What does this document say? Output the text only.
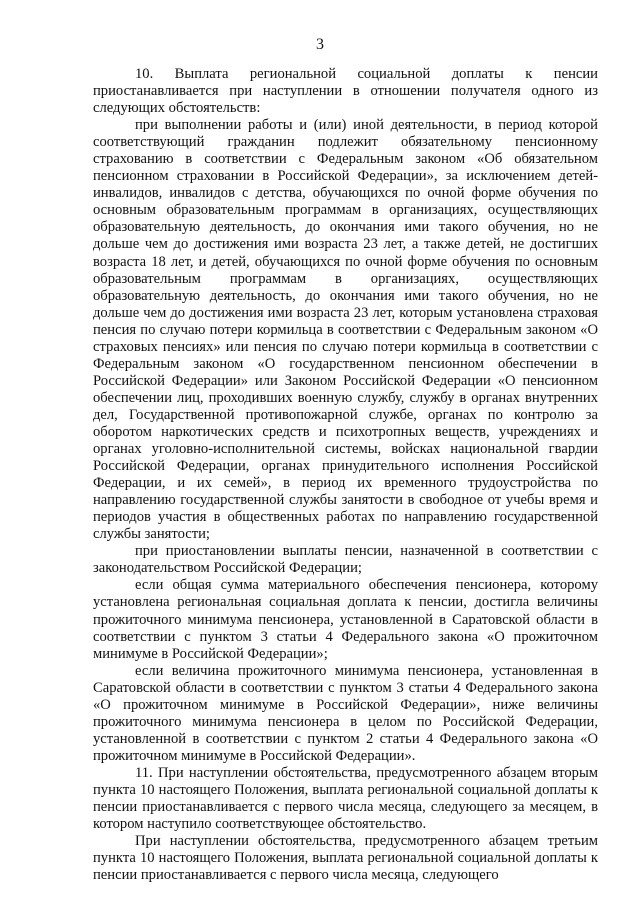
3

10. Выплата региональной социальной доплаты к пенсии приостанавливается при наступлении в отношении получателя одного из следующих обстоятельств:

при выполнении работы и (или) иной деятельности, в период которой соответствующий гражданин подлежит обязательному пенсионному страхованию в соответствии с Федеральным законом «Об обязательном пенсионном страховании в Российской Федерации», за исключением детей-инвалидов, инвалидов с детства, обучающихся по очной форме обучения по основным образовательным программам в организациях, осуществляющих образовательную деятельность, до окончания ими такого обучения, но не дольше чем до достижения ими возраста 23 лет, а также детей, не достигших возраста 18 лет, и детей, обучающихся по очной форме обучения по основным образовательным программам в организациях, осуществляющих образовательную деятельность, до окончания ими такого обучения, но не дольше чем до достижения ими возраста 23 лет, которым установлена страховая пенсия по случаю потери кормильца в соответствии с Федеральным законом «О страховых пенсиях» или пенсия по случаю потери кормильца в соответствии с Федеральным законом «О государственном пенсионном обеспечении в Российской Федерации» или Законом Российской Федерации «О пенсионном обеспечении лиц, проходивших военную службу, службу в органах внутренних дел, Государственной противопожарной службе, органах по контролю за оборотом наркотических средств и психотропных веществ, учреждениях и органах уголовно-исполнительной системы, войсках национальной гвардии Российской Федерации, органах принудительного исполнения Российской Федерации, и их семей», в период их временного трудоустройства по направлению государственной службы занятости в свободное от учебы время и периодов участия в общественных работах по направлению государственной службы занятости;

при приостановлении выплаты пенсии, назначенной в соответствии с законодательством Российской Федерации;

если общая сумма материального обеспечения пенсионера, которому установлена региональная социальная доплата к пенсии, достигла величины прожиточного минимума пенсионера, установленной в Саратовской области в соответствии с пунктом 3 статьи 4 Федерального закона «О прожиточном минимуме в Российской Федерации»;

если величина прожиточного минимума пенсионера, установленная в Саратовской области в соответствии с пунктом 3 статьи 4 Федерального закона «О прожиточном минимуме в Российской Федерации», ниже величины прожиточного минимума пенсионера в целом по Российской Федерации, установленной в соответствии с пунктом 2 статьи 4 Федерального закона «О прожиточном минимуме в Российской Федерации».

11. При наступлении обстоятельства, предусмотренного абзацем вторым пункта 10 настоящего Положения, выплата региональной социальной доплаты к пенсии приостанавливается с первого числа месяца, следующего за месяцем, в котором наступило соответствующее обстоятельство.

При наступлении обстоятельства, предусмотренного абзацем третьим пункта 10 настоящего Положения, выплата региональной социальной доплаты к пенсии приостанавливается с первого числа месяца, следующего
